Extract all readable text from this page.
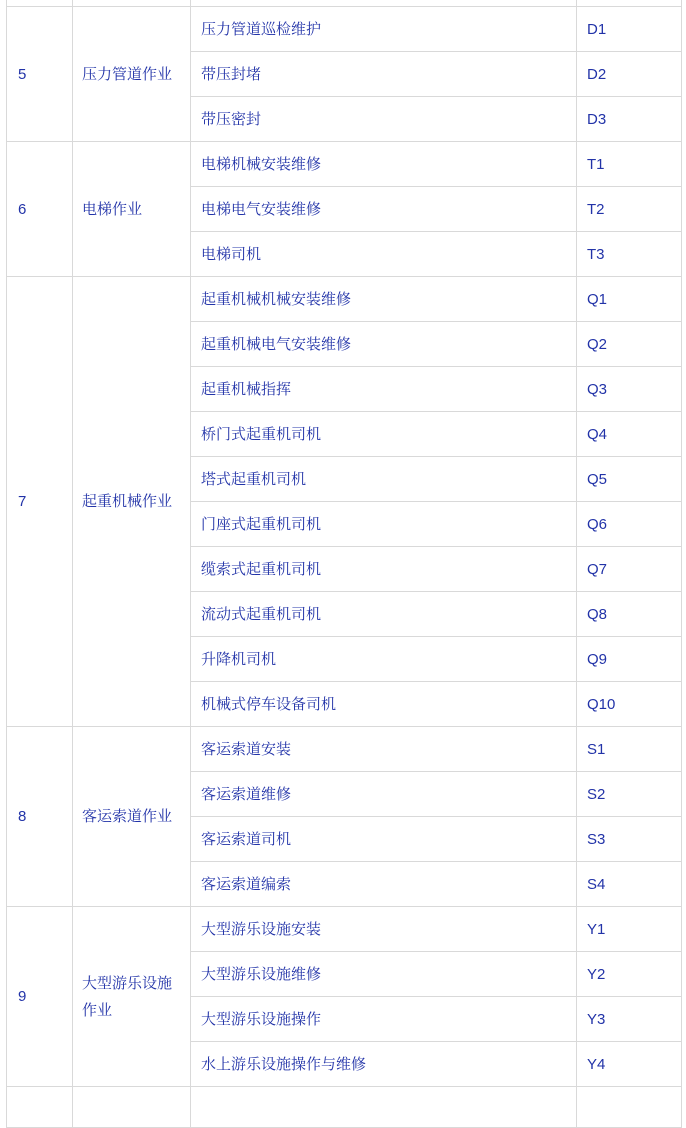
5	压力管道作业	压力管道巡检维护	D1
		带压封堵	D2
		带压密封	D3
6	电梯作业	电梯机械安装维修	T1
		电梯电气安装维修	T2
		电梯司机	T3
7	起重机械作业	起重机械机械安装维修	Q1
		起重机械电气安装维修	Q2
		起重机械指挥	Q3
		桥门式起重机司机	Q4
		塔式起重机司机	Q5
		门座式起重机司机	Q6
		缆索式起重机司机	Q7
		流动式起重机司机	Q8
		升降机司机	Q9
		机械式停车设备司机	Q10
8	客运索道作业	客运索道安装	S1
		客运索道维修	S2
		客运索道司机	S3
		客运索道编索	S4
9	大型游乐设施作业	大型游乐设施安装	Y1
		大型游乐设施维修	Y2
		大型游乐设施操作	Y3
		水上游乐设施操作与维修	Y4
